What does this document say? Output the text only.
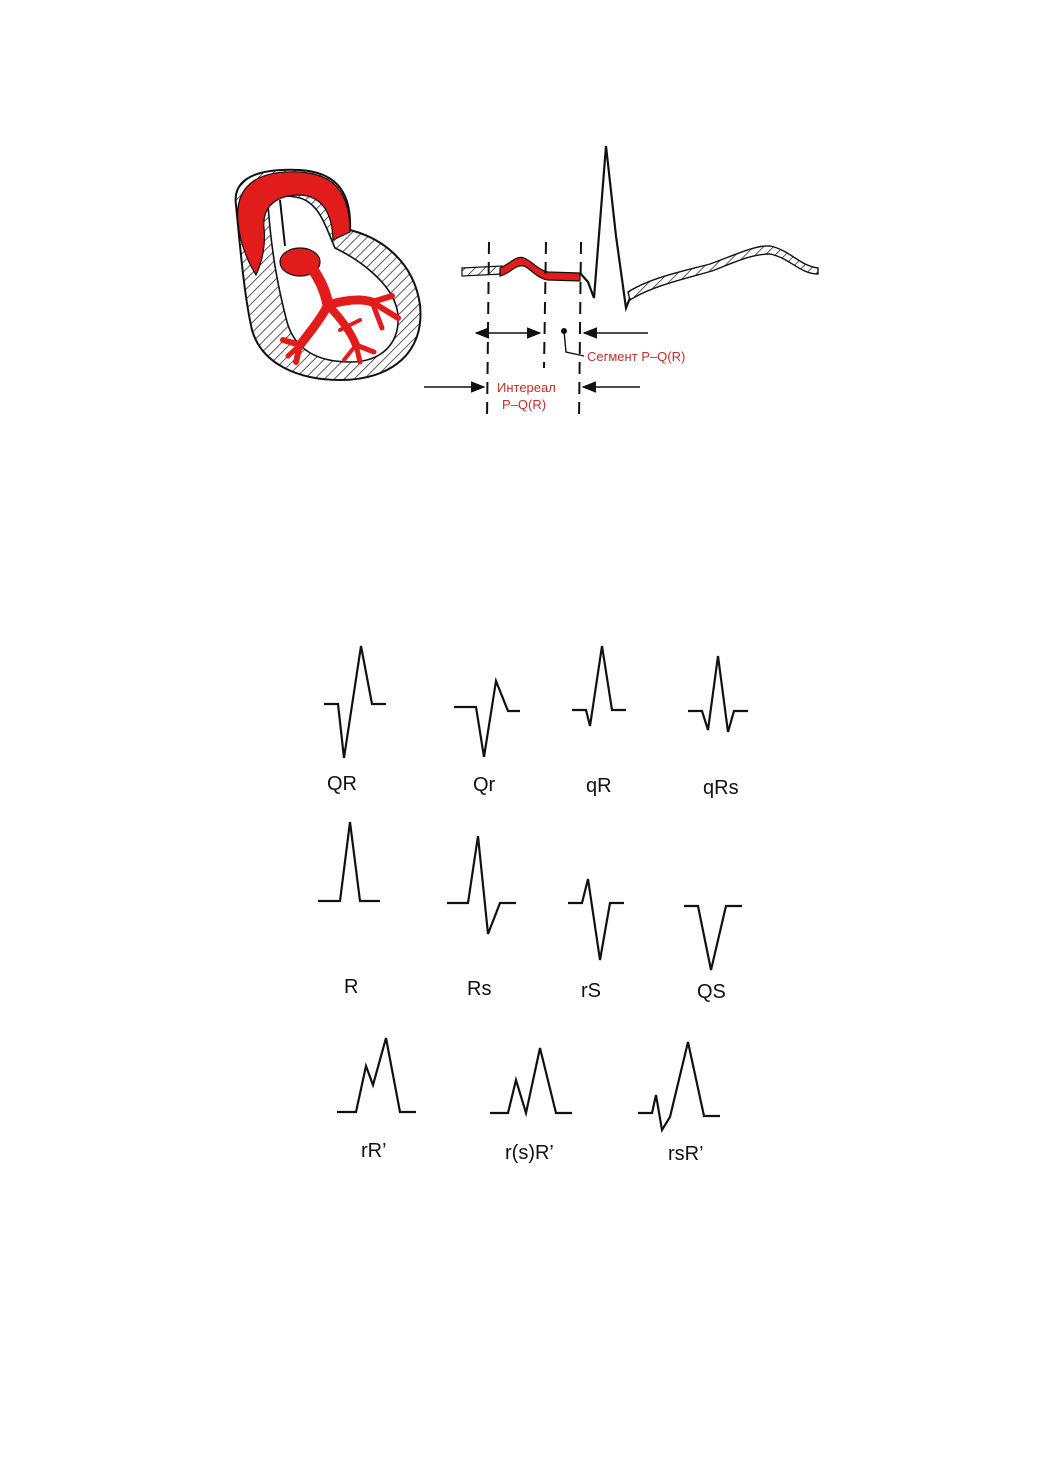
Сегмент P–Q(R)
Интереал
P–Q(R)
QR	Qr	qR	qRs
R	Rs	rS	QS
rR’	r(s)R’	rsR’
